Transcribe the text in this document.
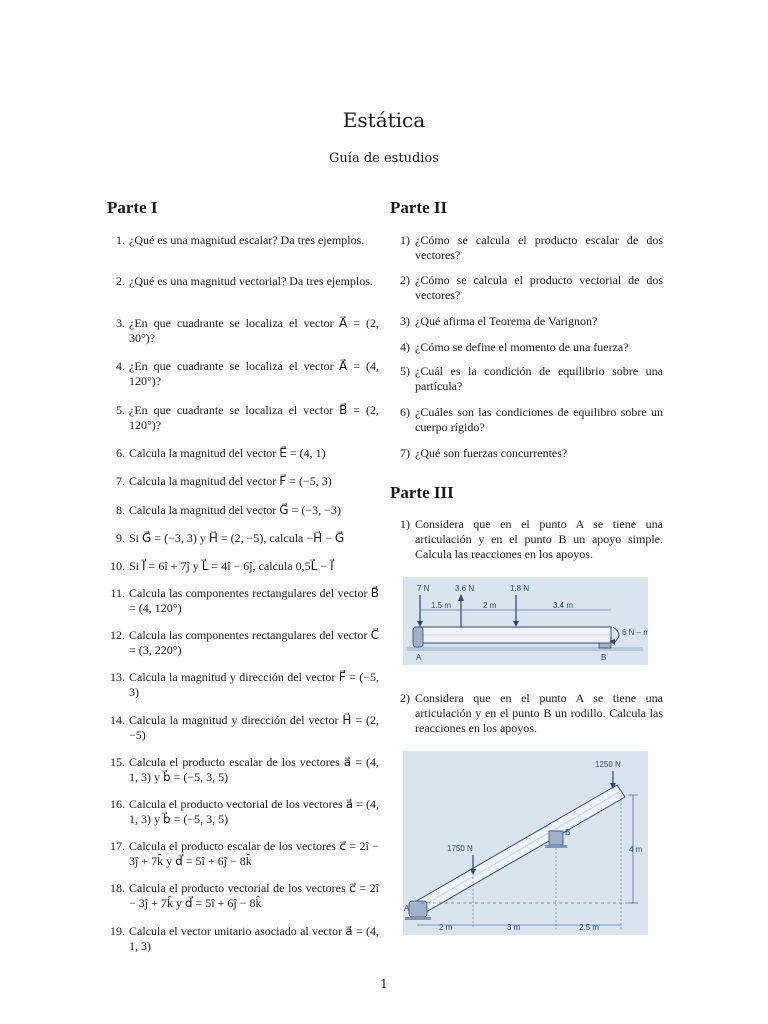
Estática
Guía de estudios
Parte I
1. ¿Qué es una magnitud escalar? Da tres ejemplos.
2. ¿Qué es una magnitud vectorial? Da tres ejemplos.
3. ¿En que cuadrante se localiza el vector A⃗ = (2, 30°)?
4. ¿En que cuadrante se localiza el vector A⃗ = (4, 120°)?
5. ¿En que cuadrante se localiza el vector B⃗ = (2, 120°)?
6. Calcula la magnitud del vector E⃗ = (4, 1)
7. Calcula la magnitud del vector F⃗ = (−5, 3)
8. Calcula la magnitud del vector G⃗ = (−3, −3)
9. Si G⃗ = (−3, 3) y H⃗ = (2, −5), calcula −H⃗ − G⃗
10. Si I⃗ = 6î + 7ĵ y L⃗ = 4î − 6ĵ, calcula 0,5L⃗ − I⃗
11. Calcula las componentes rectangulares del vector B⃗ = (4, 120°)
12. Calcula las componentes rectangulares del vector C⃗ = (3, 220°)
13. Calcula la magnitud y dirección del vector F⃗ = (−5, 3)
14. Calcula la magnitud y dirección del vector H⃗ = (2, −5)
15. Calcula el producto escalar de los vectores a⃗ = (4, 1, 3) y b⃗ = (−5, 3, 5)
16. Calcula el producto vectorial de los vectores a⃗ = (4, 1, 3) y b⃗ = (−5, 3, 5)
17. Calcula el producto escalar de los vectores c⃗ = 2î − 3ĵ + 7k̂ y d⃗ = 5î + 6ĵ − 8k̂
18. Calcula el producto vectorial de los vectores c⃗ = 2î − 3ĵ + 7k̂ y d⃗ = 5î + 6ĵ − 8k̂
19. Calcula el vector unitario asociado al vector a⃗ = (4, 1, 3)
Parte II
1) ¿Cómo se calcula el producto escalar de dos vectores?
2) ¿Cómo se calcula el producto vectorial de dos vectores?
3) ¿Qué afirma el Teorema de Varignon?
4) ¿Cómo se define el momento de una fuerza?
5) ¿Cuál es la condición de equilibrio sobre una partícula?
6) ¿Cuáles son las condiciones de equilibro sobre un cuerpo rígido?
7) ¿Qué son fuerzas concurrentes?
Parte III
1) Considera que en el punto A se tiene una articulación y en el punto B un apoyo simple. Calcula las reacciones en los apoyos.
7 N	3.6 N	1.8 N
1.5 m	2 m	3.4 m
6 N – m
A	B
2) Considera que en el punto A se tiene una articulación y en el punto B un rodillo. Calcula las reacciones en los apoyos.
1250 N
1750 N	4 m
2 m	3 m	2.5 m
A
B
1
